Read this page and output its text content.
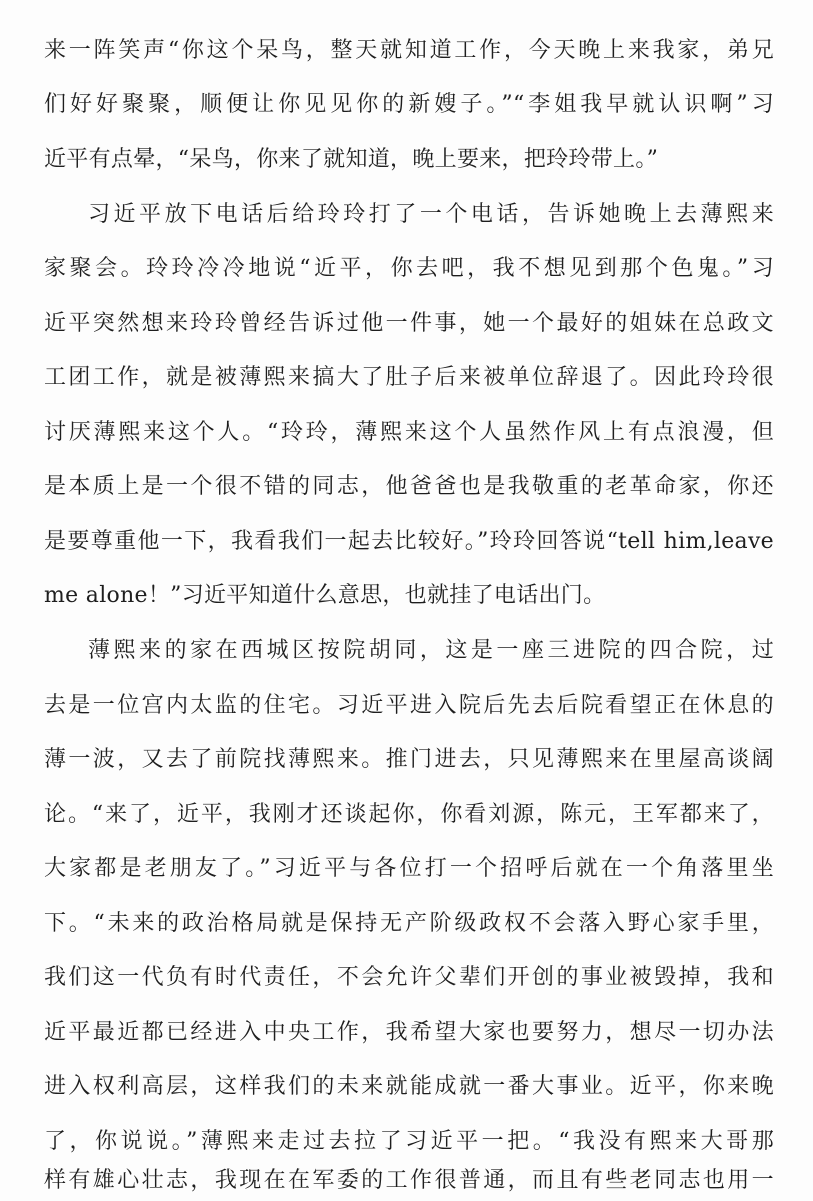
来一阵笑声“你这个呆鸟，整天就知道工作，今天晚上来我家，弟兄
们好好聚聚，顺便让你见见你的新嫂子。”“李姐我早就认识啊”习
近平有点晕，“呆鸟，你来了就知道，晚上要来，把玲玲带上。”
习近平放下电话后给玲玲打了一个电话，告诉她晚上去薄熙来
家聚会。玲玲冷冷地说“近平，你去吧，我不想见到那个色鬼。”习
近平突然想来玲玲曾经告诉过他一件事，她一个最好的姐妹在总政文
工团工作，就是被薄熙来搞大了肚子后来被单位辞退了。因此玲玲很
讨厌薄熙来这个人。“玲玲，薄熙来这个人虽然作风上有点浪漫，但
是本质上是一个很不错的同志，他爸爸也是我敬重的老革命家，你还
是要尊重他一下，我看我们一起去比较好。”玲玲回答说“tell him,leave
me alone！”习近平知道什么意思，也就挂了电话出门。
薄熙来的家在西城区按院胡同，这是一座三进院的四合院，过
去是一位宫内太监的住宅。习近平进入院后先去后院看望正在休息的
薄一波，又去了前院找薄熙来。推门进去，只见薄熙来在里屋高谈阔
论。“来了，近平，我刚才还谈起你，你看刘源，陈元，王军都来了，
大家都是老朋友了。”习近平与各位打一个招呼后就在一个角落里坐
下。“未来的政治格局就是保持无产阶级政权不会落入野心家手里，
我们这一代负有时代责任，不会允许父辈们开创的事业被毁掉，我和
近平最近都已经进入中央工作，我希望大家也要努力，想尽一切办法
进入权利高层，这样我们的未来就能成就一番大事业。近平，你来晚
了，你说说。”薄熙来走过去拉了习近平一把。“我没有熙来大哥那
样有雄心壮志，我现在在军委的工作很普通，而且有些老同志也用一
